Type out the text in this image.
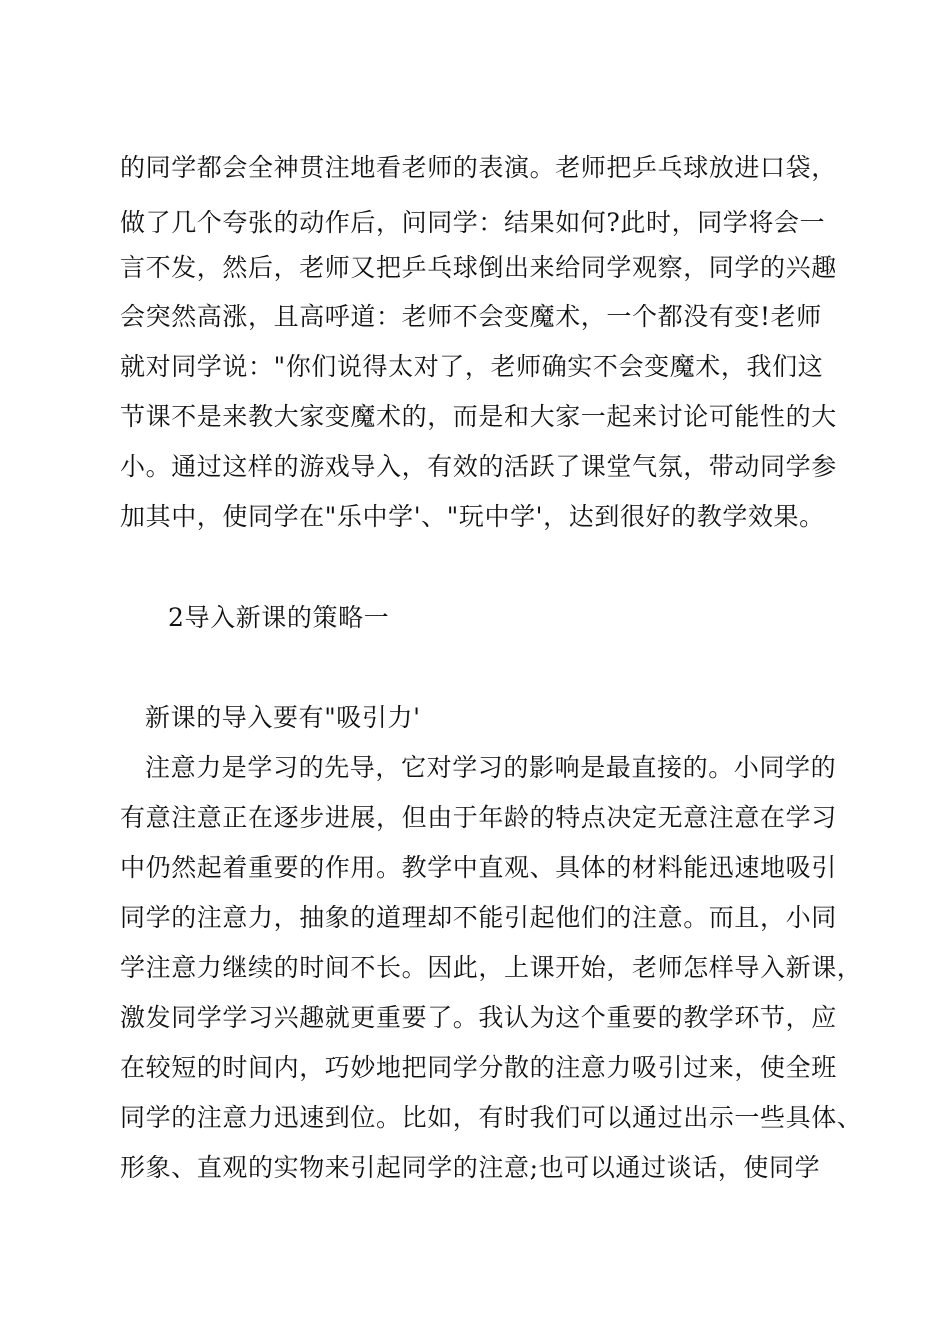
的同学都会全神贯注地看老师的表演。老师把乒乓球放进口袋，

做了几个夸张的动作后，问同学：结果如何?此时，同学将会一

言不发，然后，老师又把乒乓球倒出来给同学观察，同学的兴趣

会突然高涨，且高呼道：老师不会变魔术，一个都没有变!老师

就对同学说："你们说得太对了，老师确实不会变魔术，我们这

节课不是来教大家变魔术的，而是和大家一起来讨论可能性的大

小。通过这样的游戏导入，有效的活跃了课堂气氛，带动同学参

加其中，使同学在"乐中学'、"玩中学'，达到很好的教学效果。

2导入新课的策略一

新课的导入要有"吸引力'

注意力是学习的先导，它对学习的影响是最直接的。小同学的

有意注意正在逐步进展，但由于年龄的特点决定无意注意在学习

中仍然起着重要的作用。教学中直观、具体的材料能迅速地吸引

同学的注意力，抽象的道理却不能引起他们的注意。而且，小同

学注意力继续的时间不长。因此，上课开始，老师怎样导入新课，

激发同学学习兴趣就更重要了。我认为这个重要的教学环节，应

在较短的时间内，巧妙地把同学分散的注意力吸引过来，使全班

同学的注意力迅速到位。比如，有时我们可以通过出示一些具体、

形象、直观的实物来引起同学的注意;也可以通过谈话，使同学
